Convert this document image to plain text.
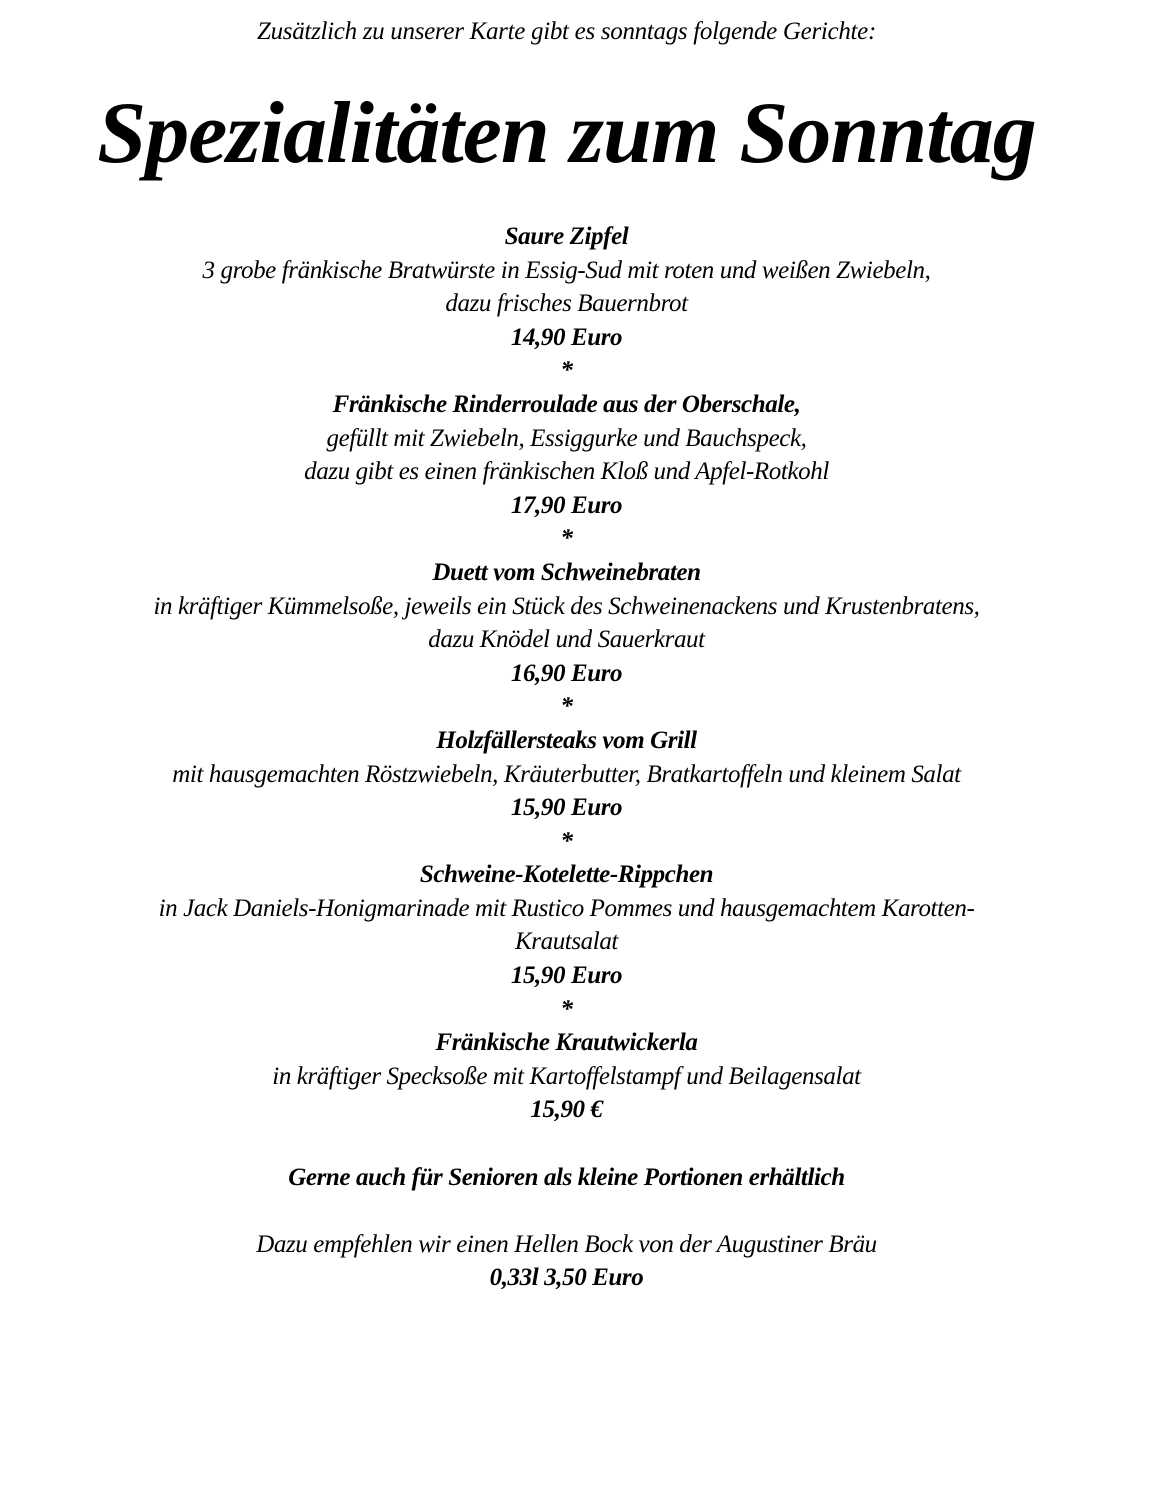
Zusätzlich zu unserer Karte gibt es sonntags folgende Gerichte:
Spezialitäten zum Sonntag
Saure Zipfel
3 grobe fränkische Bratwürste in Essig-Sud mit roten und weißen Zwiebeln,
dazu frisches Bauernbrot
14,90 Euro
*
Fränkische Rinderroulade aus der Oberschale,
gefüllt mit Zwiebeln, Essiggurke und Bauchspeck,
dazu gibt es einen fränkischen Kloß und Apfel-Rotkohl
17,90 Euro
*
Duett vom Schweinebraten
in kräftiger Kümmelsoße, jeweils ein Stück des Schweinenackens und Krustenbratens,
dazu Knödel und Sauerkraut
16,90 Euro
*
Holzfällersteaks vom Grill
mit hausgemachten Röstzwiebeln, Kräuterbutter, Bratkartoffeln und kleinem Salat
15,90 Euro
*
Schweine-Kotelette-Rippchen
in Jack Daniels-Honigmarinade mit Rustico Pommes und hausgemachtem Karotten-
Krautsalat
15,90 Euro
*
Fränkische Krautwickerla
in kräftiger Specksoße mit Kartoffelstampf und Beilagensalat
15,90 €
Gerne auch für Senioren als kleine Portionen erhältlich
Dazu empfehlen wir einen Hellen Bock von der Augustiner Bräu
0,33l 3,50 Euro
